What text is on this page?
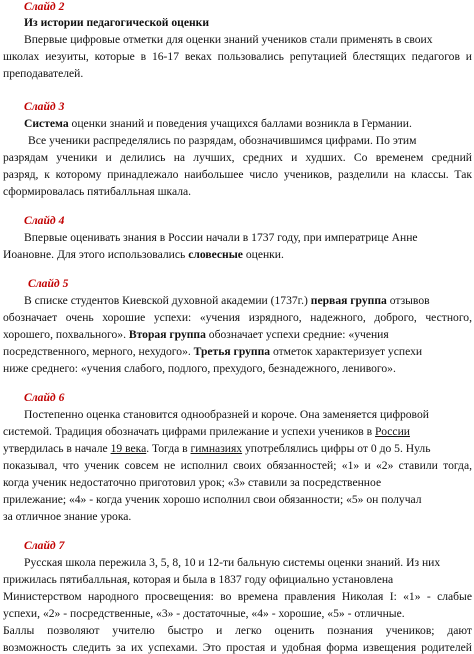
Слайд 2
Из истории педагогической оценки
Впервые цифровые отметки для оценки знаний учеников стали применять в своих
школах иезуиты, которые в 16-17 веках пользовались репутацией блестящих педагогов и
преподавателей.
Слайд 3
Система оценки знаний и поведения учащихся баллами возникла в Германии.
Все ученики распределялись по разрядам, обозначившимся цифрами. По этим
разрядам ученики и делились на лучших, средних и худших. Со временем средний
разряд, к которому принадлежало наибольшее число учеников, разделили на классы. Так
сформировалась пятибалльная шкала.
Слайд 4
Впервые оценивать знания в России начали в 1737 году, при императрице Анне
Иоановне. Для этого использовались словесные оценки.
Слайд 5
В списке студентов Киевской духовной академии (1737г.) первая группа отзывов
обозначает очень хорошие успехи: «учения изрядного, надежного, доброго, честного,
хорошего, похвального». Вторая группа обозначает успехи средние: «учения
посредственного, мерного, нехудого». Третья группа отметок характеризует успехи
ниже среднего: «учения слабого, подлого, прехудого, безнадежного, ленивого».
Слайд 6
Постепенно оценка становится однообразней и короче. Она заменяется цифровой
системой. Традиция обозначать цифрами прилежание и успехи учеников в России
утвердилась в начале 19 века. Тогда в гимназиях употреблялись цифры от 0 до 5. Нуль
показывал, что ученик совсем не исполнил своих обязанностей; «1» и «2» ставили тогда,
когда ученик недостаточно приготовил урок; «3» ставили за посредственное
прилежание; «4» - когда ученик хорошо исполнил свои обязанности; «5» он получал
за отличное знание урока.
Слайд 7
Русская школа пережила 3, 5, 8, 10 и 12-ти бальную системы оценки знаний. Из них
прижилась пятибалльная, которая и была в 1837 году официально установлена
Министерством народного просвещения: во времена правления Николая I: «1» - слабые
успехи, «2» - посредственные, «3» - достаточные, «4» - хорошие, «5» - отличные.
Баллы позволяют учителю быстро и легко оценить познания учеников; дают
возможность следить за их успехами. Это простая и удобная форма извещения родителей
